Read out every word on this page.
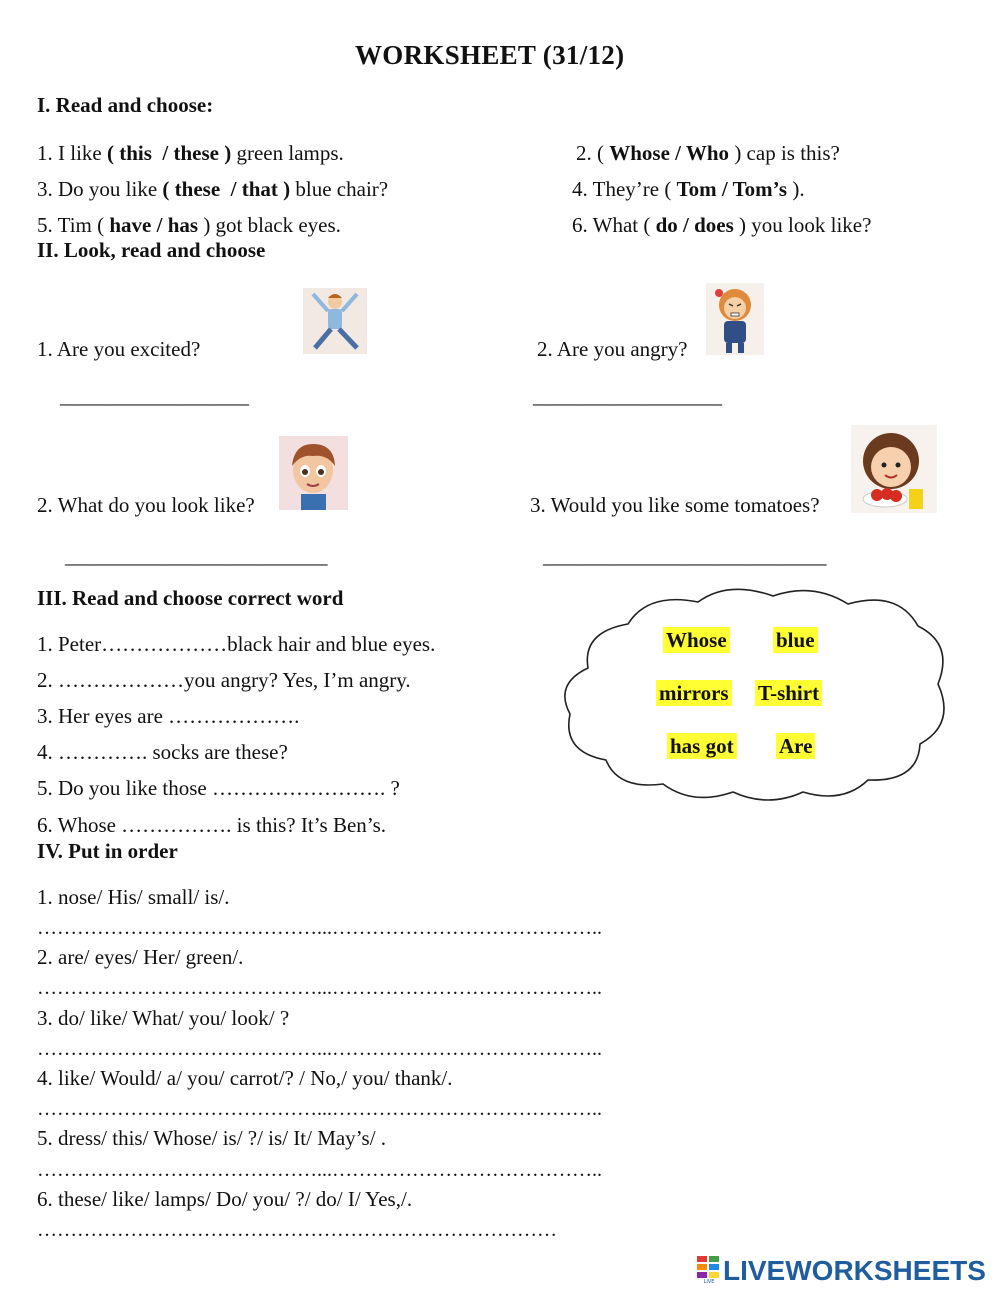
WORKSHEET (31/12)
I. Read and choose:
1. I like ( this  / these ) green lamps.	2. ( Whose / Who ) cap is this?
3. Do you like ( these  / that ) blue chair?	4. They’re ( Tom / Tom’s ).
5. Tim ( have / has ) got black eyes.	6. What ( do / does ) you look like?
II. Look, read and choose
1. Are you excited?	2. Are you angry?
__________________	__________________
2. What do you look like?	3. Would you like some tomatoes?
_________________________	___________________________
III. Read and choose correct word
1. Peter………………black hair and blue eyes.
2. ………………you angry? Yes, I’m angry.
3. Her eyes are ……………….
4. …………. socks are these?
5. Do you like those ……………………. ?
6. Whose ……………. is this? It’s Ben’s.
Whose blue
mirrors T-shirt
has got Are
IV. Put in order
1. nose/ His/ small/ is/.
……………………………………...…………………………………..
2. are/ eyes/ Her/ green/.
……………………………………...…………………………………..
3. do/ like/ What/ you/ look/ ?
……………………………………...…………………………………..
4. like/ Would/ a/ you/ carrot/? / No,/ you/ thank/.
……………………………………...…………………………………..
5. dress/ this/ Whose/ is/ ?/ is/ It/ May’s/ .
……………………………………...…………………………………..
6. these/ like/ lamps/ Do/ you/ ?/ do/ I/ Yes,/.
……………………………………………………………………
LIVE LIVEWORKSHEETS
